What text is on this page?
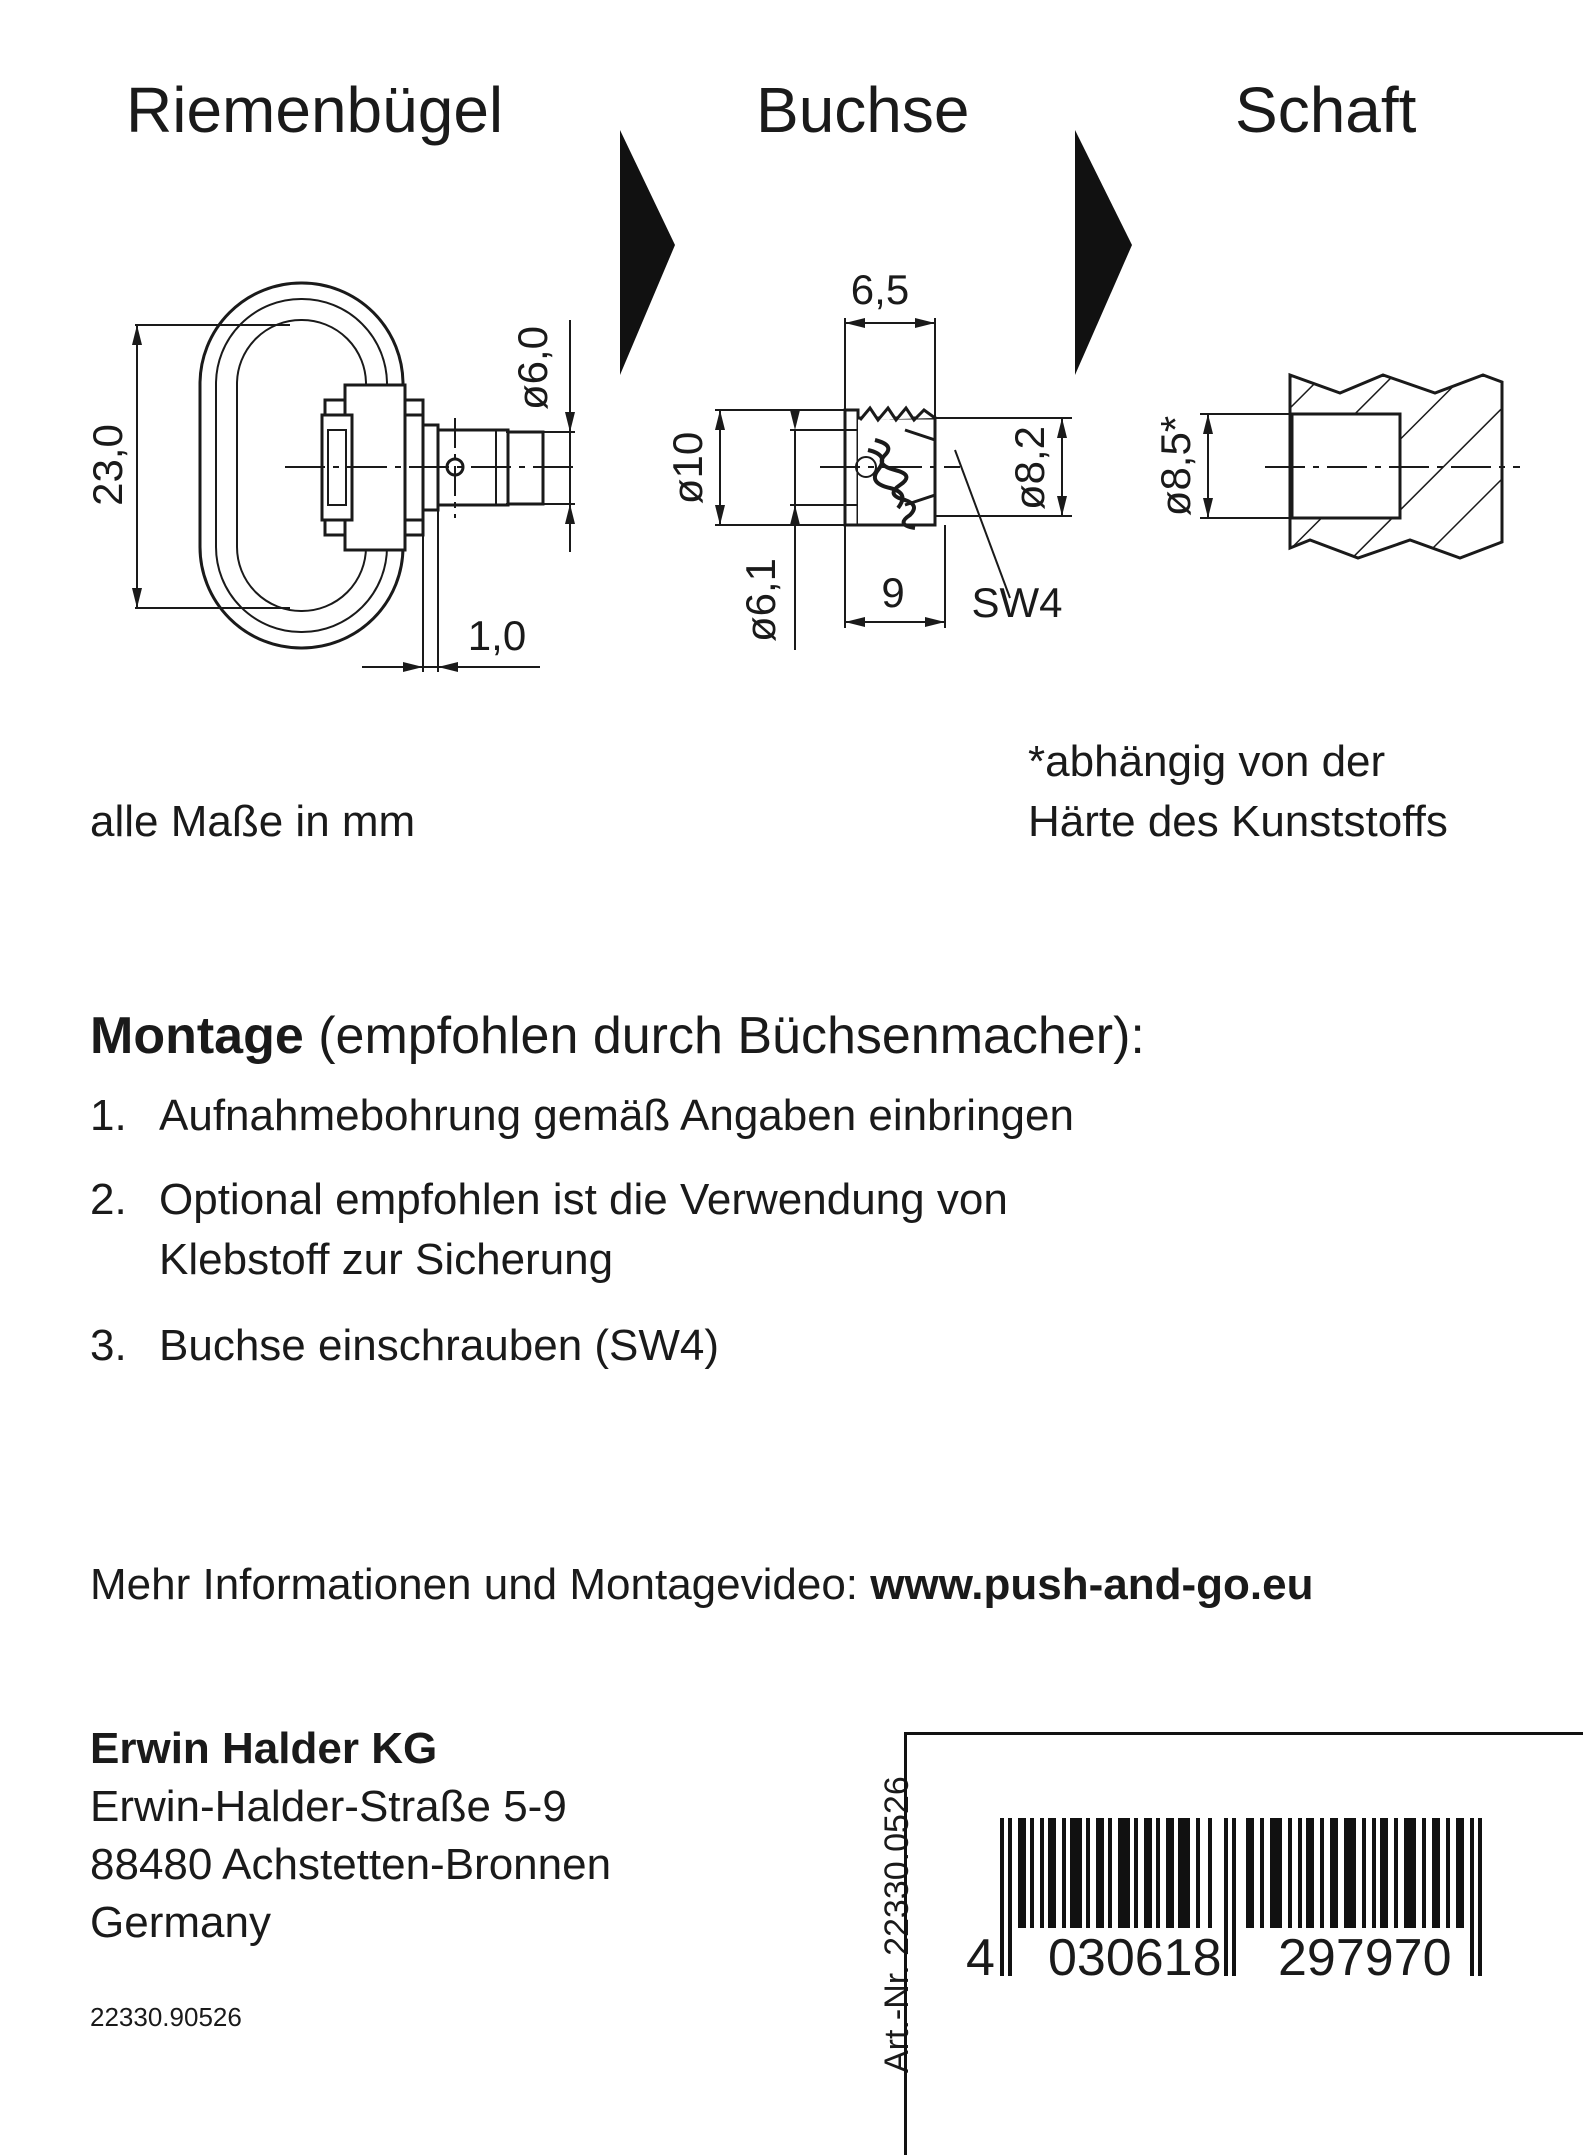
Riemenbügel	Buchse	Schaft
23,0
ø6,0
1,0
6,5
ø10	ø8,2
ø6,1 9 SW4
ø8,5*
alle Maße in mm
*abhängig von der
Härte des Kunststoffs
Montage (empfohlen durch Büchsenmacher):
1. Aufnahmebohrung gemäß Angaben einbringen
2. Optional empfohlen ist die Verwendung von
Klebstoff zur Sicherung
3. Buchse einschrauben (SW4)
Mehr Informationen und Montagevideo: www.push-and-go.eu
Erwin Halder KG
Erwin-Halder-Straße 5-9
88480 Achstetten-Bronnen
Germany
22330.90526	Art.-Nr. 22330.0526 4 030618 297970
